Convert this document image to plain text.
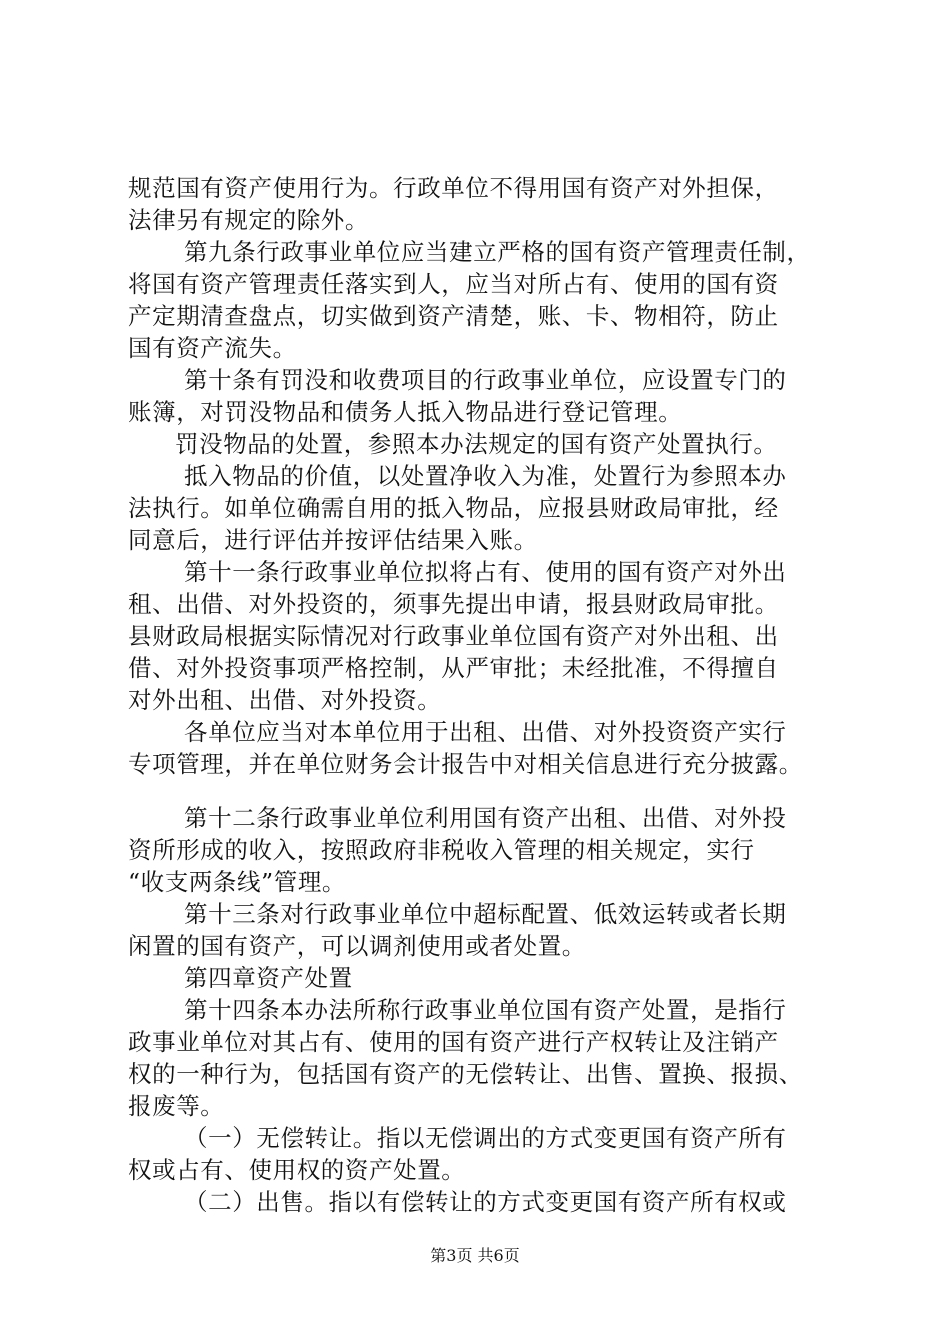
规范国有资产使用行为。行政单位不得用国有资产对外担保，
法律另有规定的除外。
第九条行政事业单位应当建立严格的国有资产管理责任制，
将国有资产管理责任落实到人，应当对所占有、使用的国有资
产定期清查盘点，切实做到资产清楚，账、卡、物相符，防止
国有资产流失。
第十条有罚没和收费项目的行政事业单位，应设置专门的
账簿，对罚没物品和债务人抵入物品进行登记管理。
罚没物品的处置，参照本办法规定的国有资产处置执行。
抵入物品的价值，以处置净收入为准，处置行为参照本办
法执行。如单位确需自用的抵入物品，应报县财政局审批，经
同意后，进行评估并按评估结果入账。
第十一条行政事业单位拟将占有、使用的国有资产对外出
租、出借、对外投资的，须事先提出申请，报县财政局审批。
县财政局根据实际情况对行政事业单位国有资产对外出租、出
借、对外投资事项严格控制，从严审批；未经批准，不得擅自
对外出租、出借、对外投资。
各单位应当对本单位用于出租、出借、对外投资资产实行
专项管理，并在单位财务会计报告中对相关信息进行充分披露。
第十二条行政事业单位利用国有资产出租、出借、对外投
资所形成的收入，按照政府非税收入管理的相关规定，实行
“收支两条线”管理。
第十三条对行政事业单位中超标配置、低效运转或者长期
闲置的国有资产，可以调剂使用或者处置。
第四章资产处置
第十四条本办法所称行政事业单位国有资产处置，是指行
政事业单位对其占有、使用的国有资产进行产权转让及注销产
权的一种行为，包括国有资产的无偿转让、出售、置换、报损、
报废等。
（一）无偿转让。指以无偿调出的方式变更国有资产所有
权或占有、使用权的资产处置。
（二）出售。指以有偿转让的方式变更国有资产所有权或
第3页 共6页
